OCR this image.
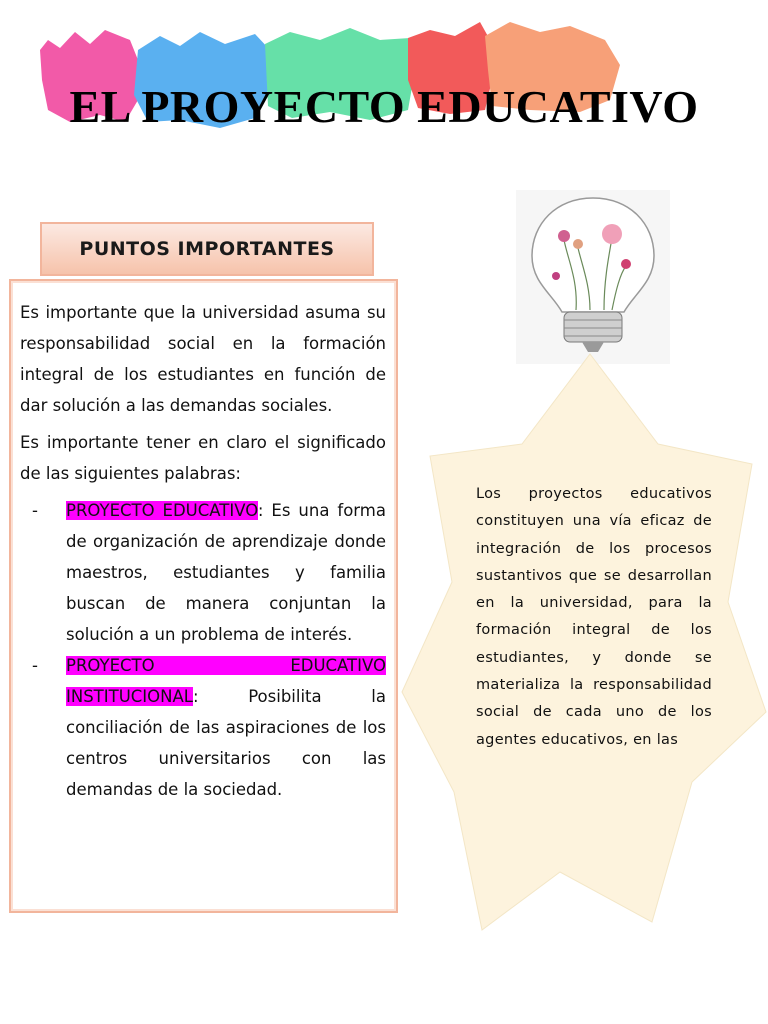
EL PROYECTO EDUCATIVO
PUNTOS IMPORTANTES

Es importante que la universidad asuma su responsabilidad social en la formación integral de los estudiantes en función de dar solución a las demandas sociales.

Es importante tener en claro el significado de las siguientes palabras:

- PROYECTO EDUCATIVO: Es una forma de organización de aprendizaje donde maestros, estudiantes y familia buscan de manera conjuntan la solución a un problema de interés.
- PROYECTO EDUCATIVO INSTITUCIONAL: Posibilita la conciliación de las aspiraciones de los centros universitarios con las demandas de la sociedad.
Los proyectos educativos constituyen una vía eficaz de integración de los procesos sustantivos que se desarrollan en la universidad, para la formación integral de los estudiantes, y donde se materializa la responsabilidad social de cada uno de los agentes educativos, en las
